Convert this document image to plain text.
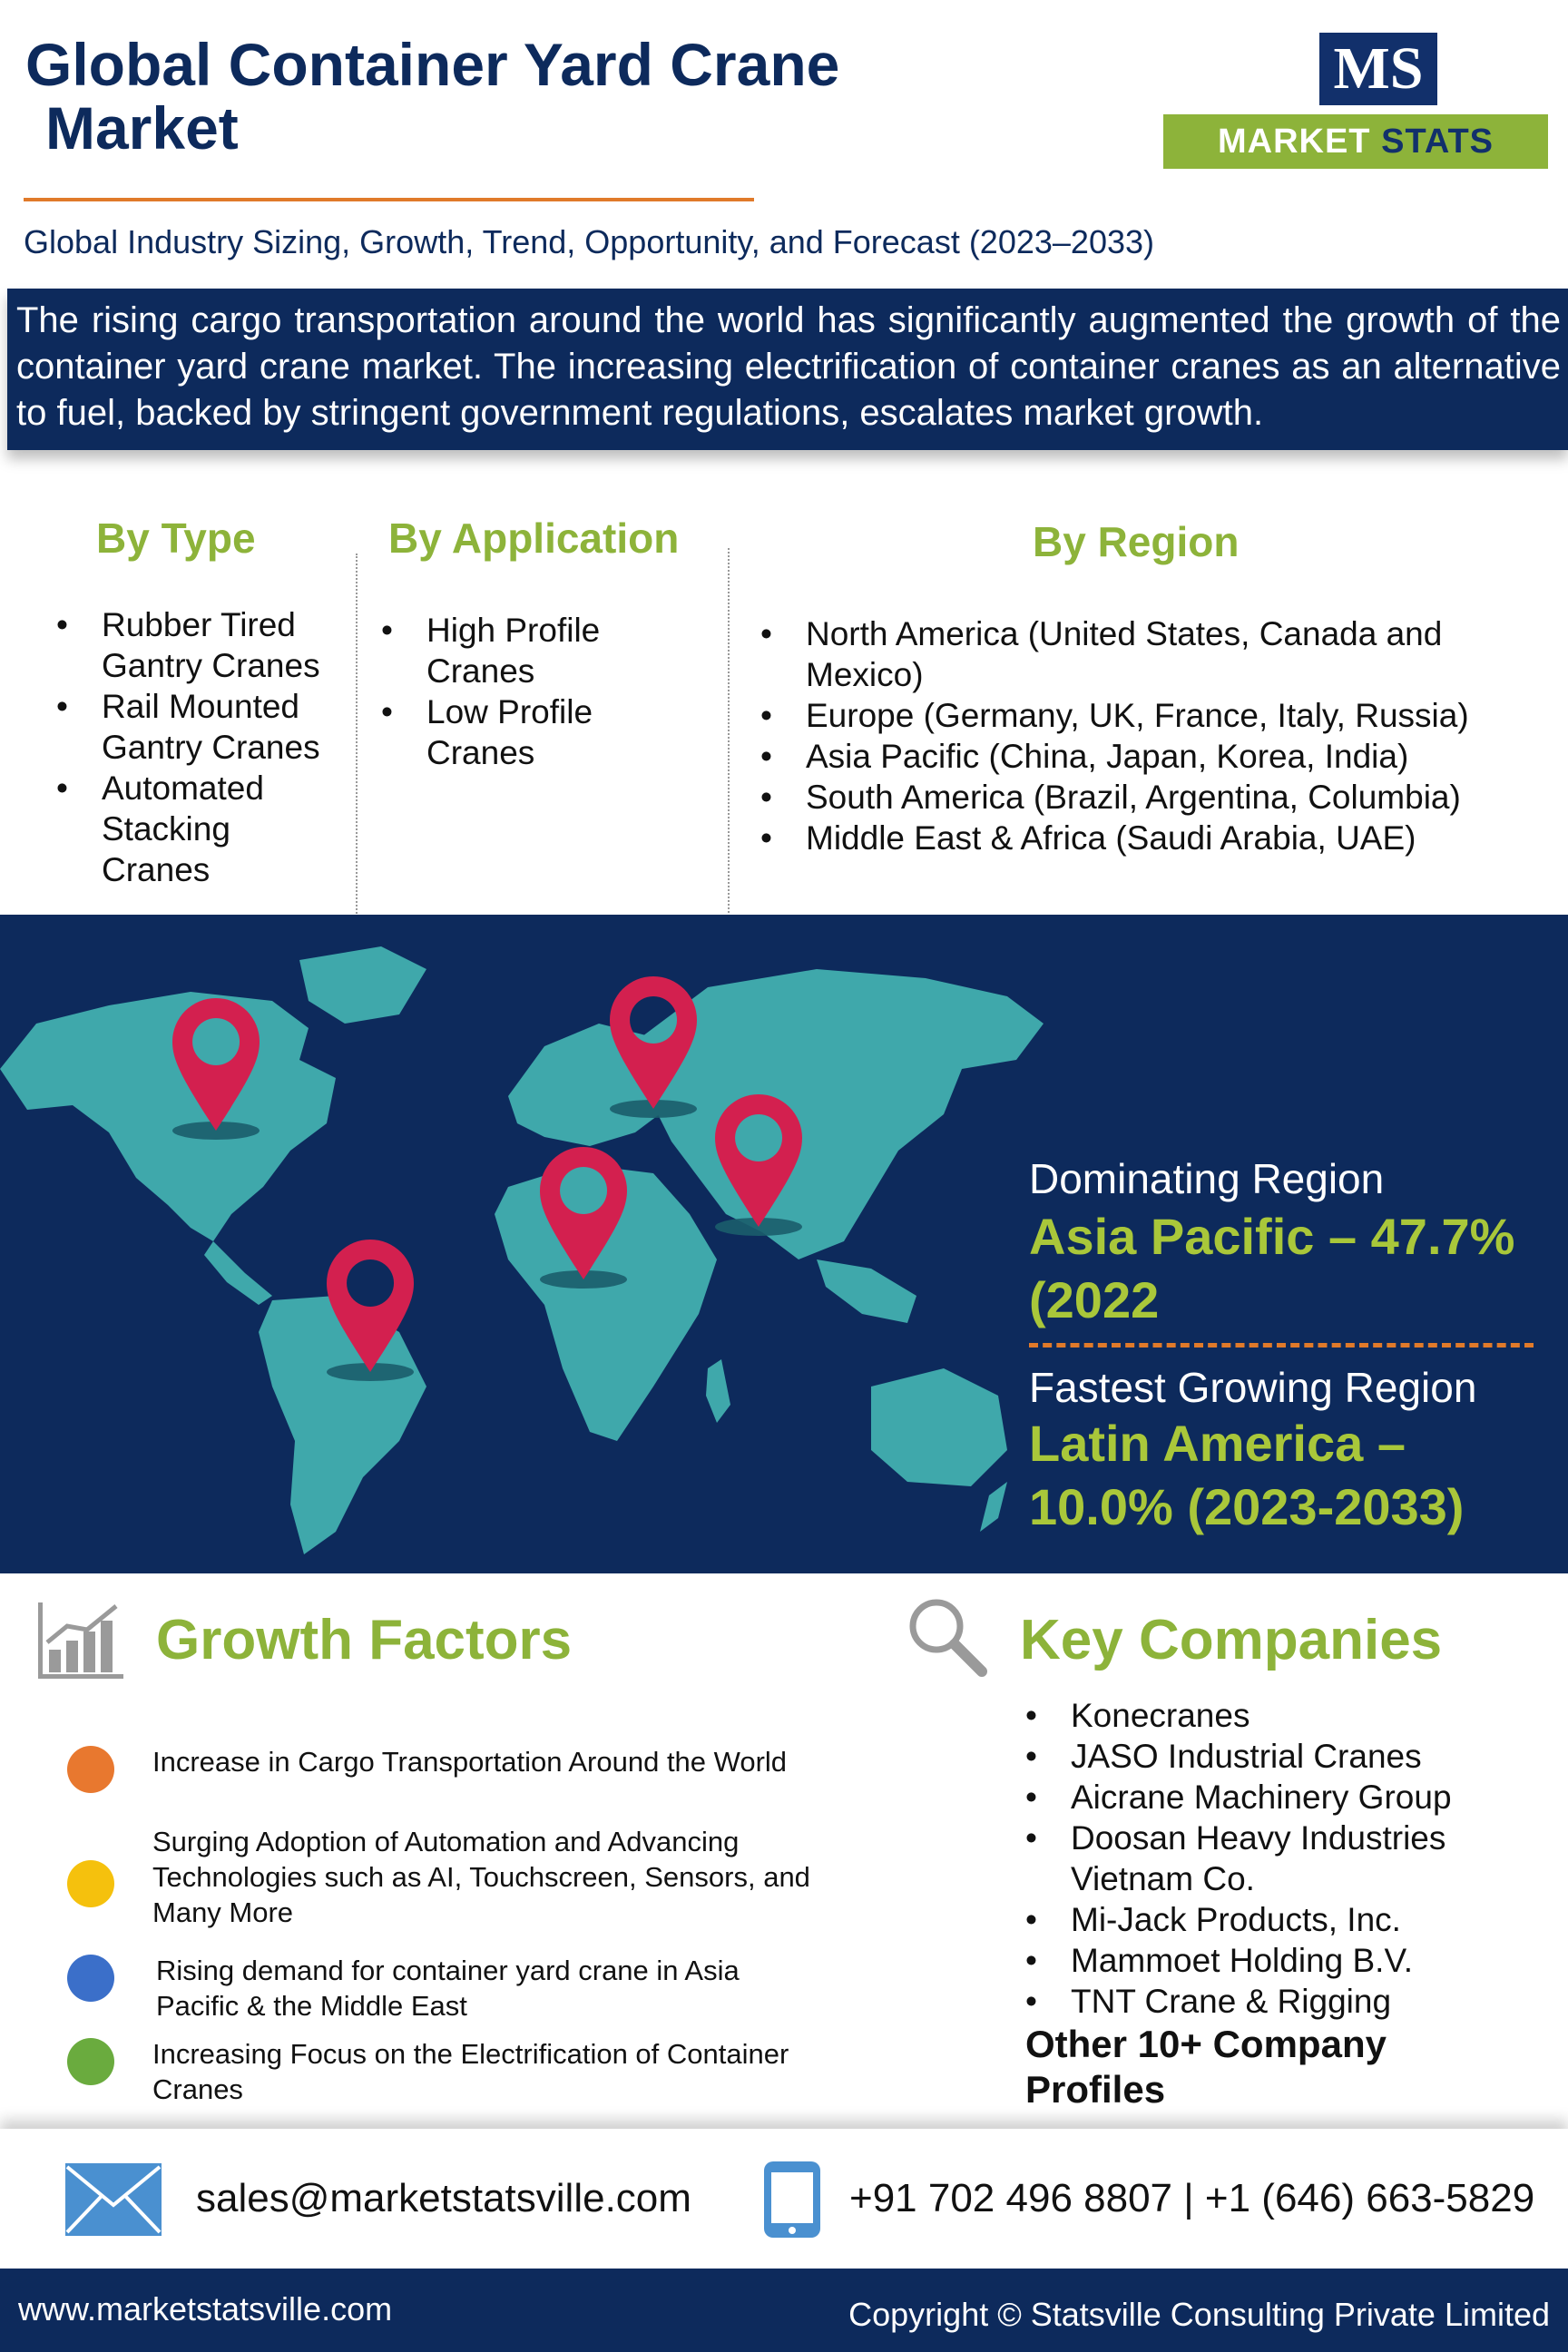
Global Container Yard Crane
Market
Global Industry Sizing, Growth, Trend, Opportunity, and Forecast (2023–2033)
MS
MARKET STATS VILLE
The rising cargo transportation around the world has significantly augmented the growth of the container yard crane market. The increasing electrification of container cranes as an alternative to fuel, backed by stringent government regulations, escalates market growth.
By Type
• Rubber Tired Gantry Cranes
• Rail Mounted Gantry Cranes
• Automated Stacking Cranes
By Application
• High Profile Cranes
• Low Profile Cranes
By Region
• North America (United States, Canada and Mexico)
• Europe (Germany, UK, France, Italy, Russia)
• Asia Pacific (China, Japan, Korea, India)
• South America (Brazil, Argentina, Columbia)
• Middle East & Africa (Saudi Arabia, UAE)
Dominating Region
Asia Pacific – 47.7% (2022
Fastest Growing Region
Latin America – 10.0% (2023-2033)
Growth Factors
Increase in Cargo Transportation Around the World
Surging Adoption of Automation and Advancing Technologies such as AI, Touchscreen, Sensors, and Many More
Rising demand for container yard crane in Asia Pacific & the Middle East
Increasing Focus on the Electrification of Container Cranes
Key Companies
• Konecranes
• JASO Industrial Cranes
• Aicrane Machinery Group
• Doosan Heavy Industries Vietnam Co.
• Mi-Jack Products, Inc.
• Mammoet Holding B.V.
• TNT Crane & Rigging
Other 10+ Company Profiles
sales@marketstatsville.com	+91 702 496 8807 | +1 (646) 663-5829
www.marketstatsville.com	Copyright © Statsville Consulting Private Limited
